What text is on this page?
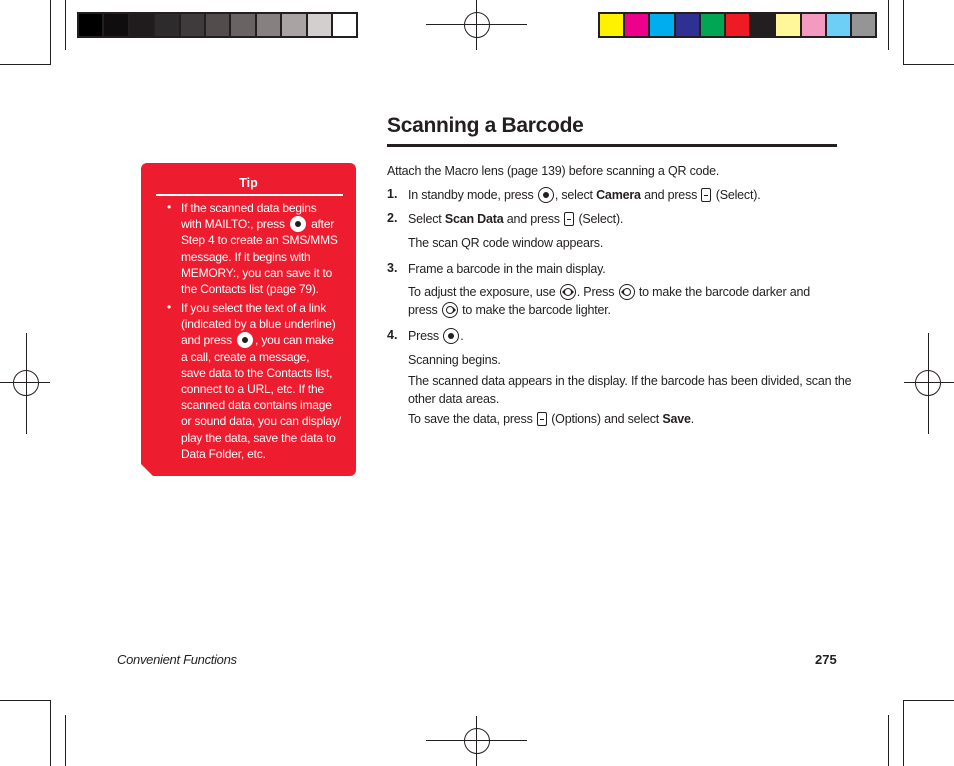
Scanning a Barcode
Attach the Macro lens (page 139) before scanning a QR code.
1. In standby mode, press , select Camera and press (Select).
2. Select Scan Data and press (Select).
The scan QR code window appears.
3. Frame a barcode in the main display.
To adjust the exposure, use . Press to make the barcode darker and
press to make the barcode lighter.
4. Press .
Scanning begins.
The scanned data appears in the display. If the barcode has been divided, scan the
other data areas.
To save the data, press (Options) and select Save.
Tip
• If the scanned data begins
with MAILTO:, press after
Step 4 to create an SMS/MMS
message. If it begins with
MEMORY:, you can save it to
the Contacts list (page 79).
• If you select the text of a link
(indicated by a blue underline)
and press , you can make
a call, create a message,
save data to the Contacts list,
connect to a URL, etc. If the
scanned data contains image
or sound data, you can display/
play the data, save the data to
Data Folder, etc.
Convenient Functions	275
